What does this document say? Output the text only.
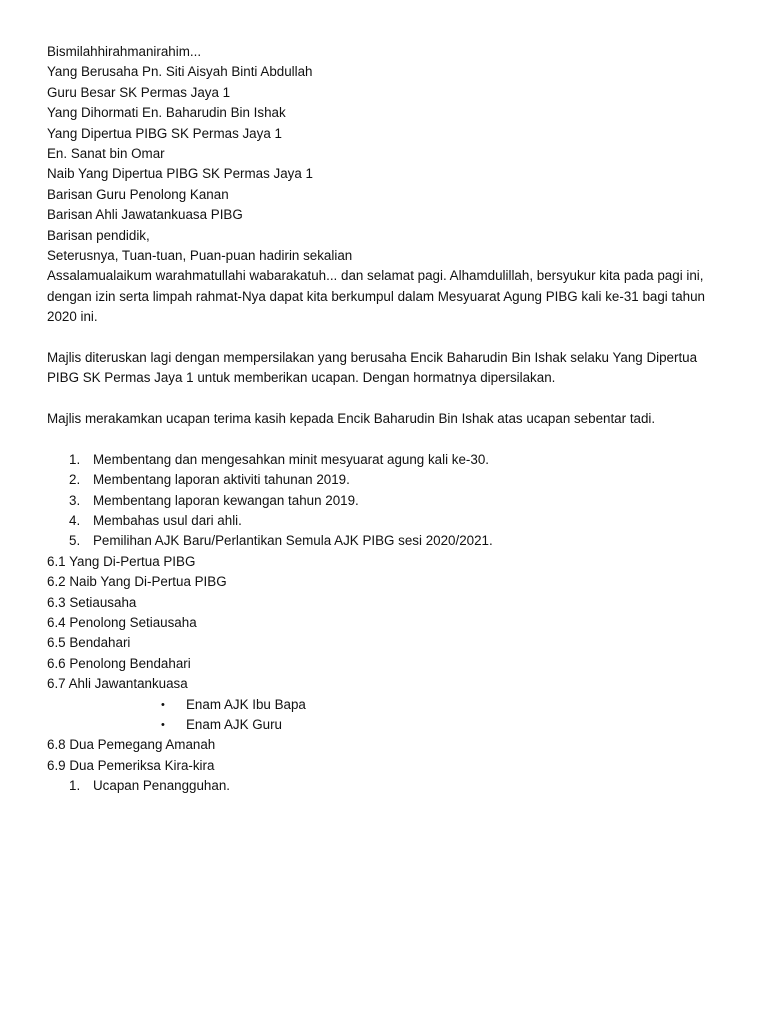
Bismilahhirahmanirahim...
Yang Berusaha Pn. Siti Aisyah Binti Abdullah
Guru Besar SK Permas Jaya 1
Yang Dihormati En. Baharudin Bin Ishak
Yang Dipertua PIBG SK Permas Jaya 1
En. Sanat bin Omar
Naib Yang Dipertua PIBG SK Permas Jaya 1
Barisan Guru Penolong Kanan
Barisan Ahli Jawatankuasa PIBG
Barisan pendidik,
Seterusnya, Tuan-tuan, Puan-puan hadirin sekalian
Assalamualaikum warahmatullahi wabarakatuh... dan selamat pagi. Alhamdulillah, bersyukur kita pada pagi ini, dengan izin serta limpah rahmat-Nya dapat kita berkumpul dalam Mesyuarat Agung PIBG kali ke-31 bagi tahun 2020 ini.
Majlis diteruskan lagi dengan mempersilakan yang berusaha Encik Baharudin Bin Ishak selaku Yang Dipertua PIBG SK Permas Jaya 1 untuk memberikan ucapan. Dengan hormatnya dipersilakan.
Majlis merakamkan ucapan terima kasih kepada Encik Baharudin Bin Ishak atas ucapan sebentar tadi.
1. Membentang dan mengesahkan minit mesyuarat agung kali ke-30.
2. Membentang laporan aktiviti tahunan 2019.
3. Membentang laporan kewangan tahun 2019.
4. Membahas usul dari ahli.
5. Pemilihan AJK Baru/Perlantikan Semula AJK PIBG sesi 2020/2021.
6.1 Yang Di-Pertua PIBG
6.2 Naib Yang Di-Pertua PIBG
6.3 Setiausaha
6.4 Penolong Setiausaha
6.5 Bendahari
6.6 Penolong Bendahari
6.7 Ahli Jawantankuasa
• Enam AJK Ibu Bapa
• Enam AJK Guru
6.8 Dua Pemegang Amanah
6.9 Dua Pemeriksa Kira-kira
1. Ucapan Penangguhan.
